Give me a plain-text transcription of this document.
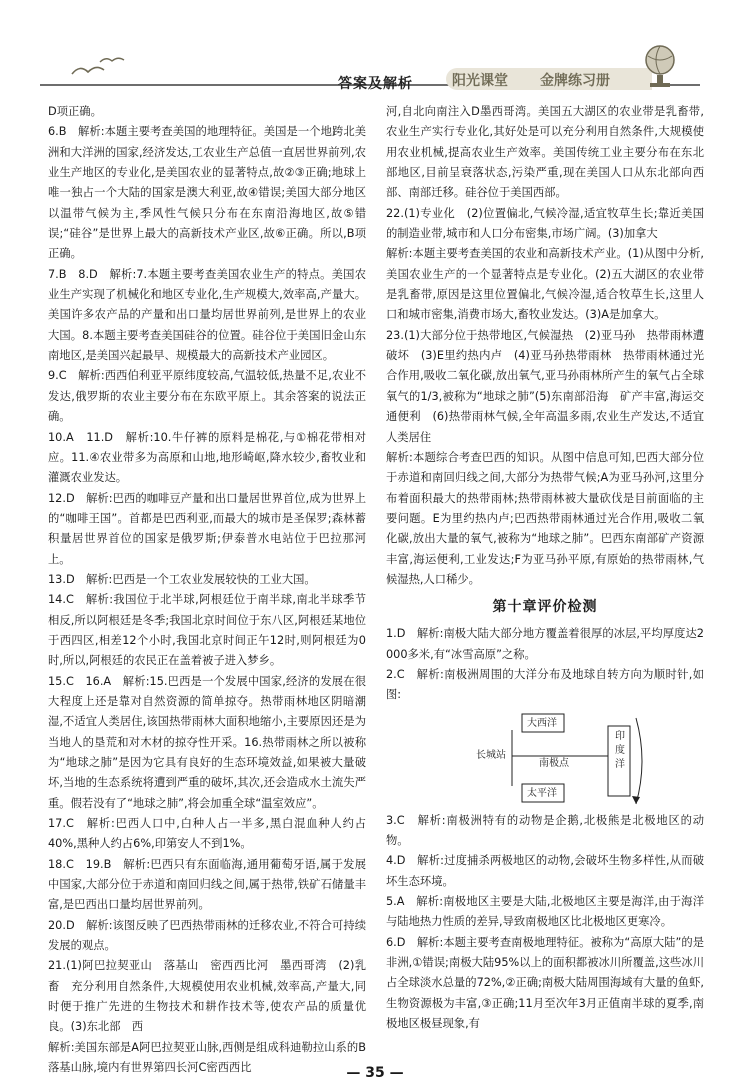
答案及解析	阳光课堂 金牌练习册

D项正确。

6.B　解析:本题主要考查美国的地理特征。美国是一个地跨北美洲和大洋洲的国家,经济发达,工农业生产总值一直居世界前列,农业生产地区的专业化,是美国农业的显著特点,故②③正确;地球上唯一独占一个大陆的国家是澳大利亚,故④错误;美国大部分地区以温带气候为主,季风性气候只分布在东南沿海地区,故⑤错误;“硅谷”是世界上最大的高新技术产业区,故⑥正确。所以,B项正确。

7.B　8.D　解析:7.本题主要考查美国农业生产的特点。美国农业生产实现了机械化和地区专业化,生产规模大,效率高,产量大。美国许多农产品的产量和出口量均居世界前列,是世界上的农业大国。8.本题主要考查美国硅谷的位置。硅谷位于美国旧金山东南地区,是美国兴起最早、规模最大的高新技术产业园区。

9.C　解析:西西伯利亚平原纬度较高,气温较低,热量不足,农业不发达,俄罗斯的农业主要分布在东欧平原上。其余答案的说法正确。

10.A　11.D　解析:10.牛仔裤的原料是棉花,与①棉花带相对应。11.④农业带多为高原和山地,地形崎岖,降水较少,畜牧业和灌溉农业发达。

12.D　解析:巴西的咖啡豆产量和出口量居世界首位,成为世界上的“咖啡王国”。首都是巴西利亚,而最大的城市是圣保罗;森林蓄积量居世界首位的国家是俄罗斯;伊泰普水电站位于巴拉那河上。

13.D　解析:巴西是一个工农业发展较快的工业大国。

14.C　解析:我国位于北半球,阿根廷位于南半球,南北半球季节相反,所以阿根廷是冬季;我国北京时间位于东八区,阿根廷某地位于西四区,相差12个小时,我国北京时间正午12时,则阿根廷为0时,所以,阿根廷的农民正在盖着被子进入梦乡。

15.C　16.A　解析:15.巴西是一个发展中国家,经济的发展在很大程度上还是靠对自然资源的简单掠夺。热带雨林地区阴暗潮湿,不适宜人类居住,该国热带雨林大面积地缩小,主要原因还是为当地人的垦荒和对木材的掠夺性开采。16.热带雨林之所以被称为“地球之肺”是因为它具有良好的生态环境效益,如果被大量破坏,当地的生态系统将遭到严重的破坏,其次,还会造成水土流失严重。假若没有了“地球之肺”,将会加重全球“温室效应”。

17.C　解析:巴西人口中,白种人占一半多,黑白混血种人约占40%,黑种人约占6%,印第安人不到1%。

18.C　19.B　解析:巴西只有东面临海,通用葡萄牙语,属于发展中国家,大部分位于赤道和南回归线之间,属于热带,铁矿石储量丰富,是巴西出口量均居世界前列。

20.D　解析:该图反映了巴西热带雨林的迁移农业,不符合可持续发展的观点。

21.(1)阿巴拉契亚山　落基山　密西西比河　墨西哥湾　(2)乳畜　充分利用自然条件,大规模使用农业机械,效率高,产量大,同时便于推广先进的生物技术和耕作技术等,使农产品的质量优良。(3)东北部　西

解析:美国东部是A阿巴拉契亚山脉,西侧是组成科迪勒拉山系的B落基山脉,境内有世界第四长河C密西西比

河,自北向南注入D墨西哥湾。美国五大湖区的农业带是乳畜带,农业生产实行专业化,其好处是可以充分利用自然条件,大规模使用农业机械,提高农业生产效率。美国传统工业主要分布在东北部地区,目前呈衰落状态,污染严重,现在美国人口从东北部向西部、南部迁移。硅谷位于美国西部。

22.(1)专业化　(2)位置偏北,气候冷湿,适宜牧草生长;靠近美国的制造业带,城市和人口分布密集,市场广阔。(3)加拿大

解析:本题主要考查美国的农业和高新技术产业。(1)从图中分析,美国农业生产的一个显著特点是专业化。(2)五大湖区的农业带是乳畜带,原因是这里位置偏北,气候冷湿,适合牧草生长,这里人口和城市密集,消费市场大,畜牧业发达。(3)A是加拿大。

23.(1)大部分位于热带地区,气候湿热　(2)亚马孙　热带雨林遭破坏　(3)E里约热内卢　(4)亚马孙热带雨林　热带雨林通过光合作用,吸收二氧化碳,放出氧气,亚马孙雨林所产生的氧气占全球氧气的1/3,被称为“地球之肺”(5)东南部沿海　矿产丰富,海运交通便利　(6)热带雨林气候,全年高温多雨,农业生产发达,不适宜人类居住

解析:本题综合考查巴西的知识。从图中信息可知,巴西大部分位于赤道和南回归线之间,大部分为热带气候;A为亚马孙河,这里分布着面积最大的热带雨林;热带雨林被大量砍伐是目前面临的主要问题。E为里约热内卢;巴西热带雨林通过光合作用,吸收二氧化碳,放出大量的氧气,被称为“地球之肺”。巴西东南部矿产资源丰富,海运便利,工业发达;F为亚马孙平原,有原始的热带雨林,气候湿热,人口稀少。

第十章评价检测

1.D　解析:南极大陆大部分地方覆盖着很厚的冰层,平均厚度达2 000多米,有“冰雪高原”之称。

2.C　解析:南极洲周围的大洋分布及地球自转方向为顺时针,如图:

长城站
大西洋
南极点
太平洋
印度洋

3.C　解析:南极洲特有的动物是企鹅,北极熊是北极地区的动物。

4.D　解析:过度捕杀两极地区的动物,会破坏生物多样性,从而破坏生态环境。

5.A　解析:南极地区主要是大陆,北极地区主要是海洋,由于海洋与陆地热力性质的差异,导致南极地区比北极地区更寒冷。

6.D　解析:本题主要考查南极地理特征。被称为“高原大陆”的是非洲,①错误;南极大陆95%以上的面积都被冰川所覆盖,这些冰川占全球淡水总量的72%,②正确;南极大陆周围海域有大量的鱼虾,生物资源极为丰富,③正确;11月至次年3月正值南半球的夏季,南极地区极昼现象,有

— 35 —
